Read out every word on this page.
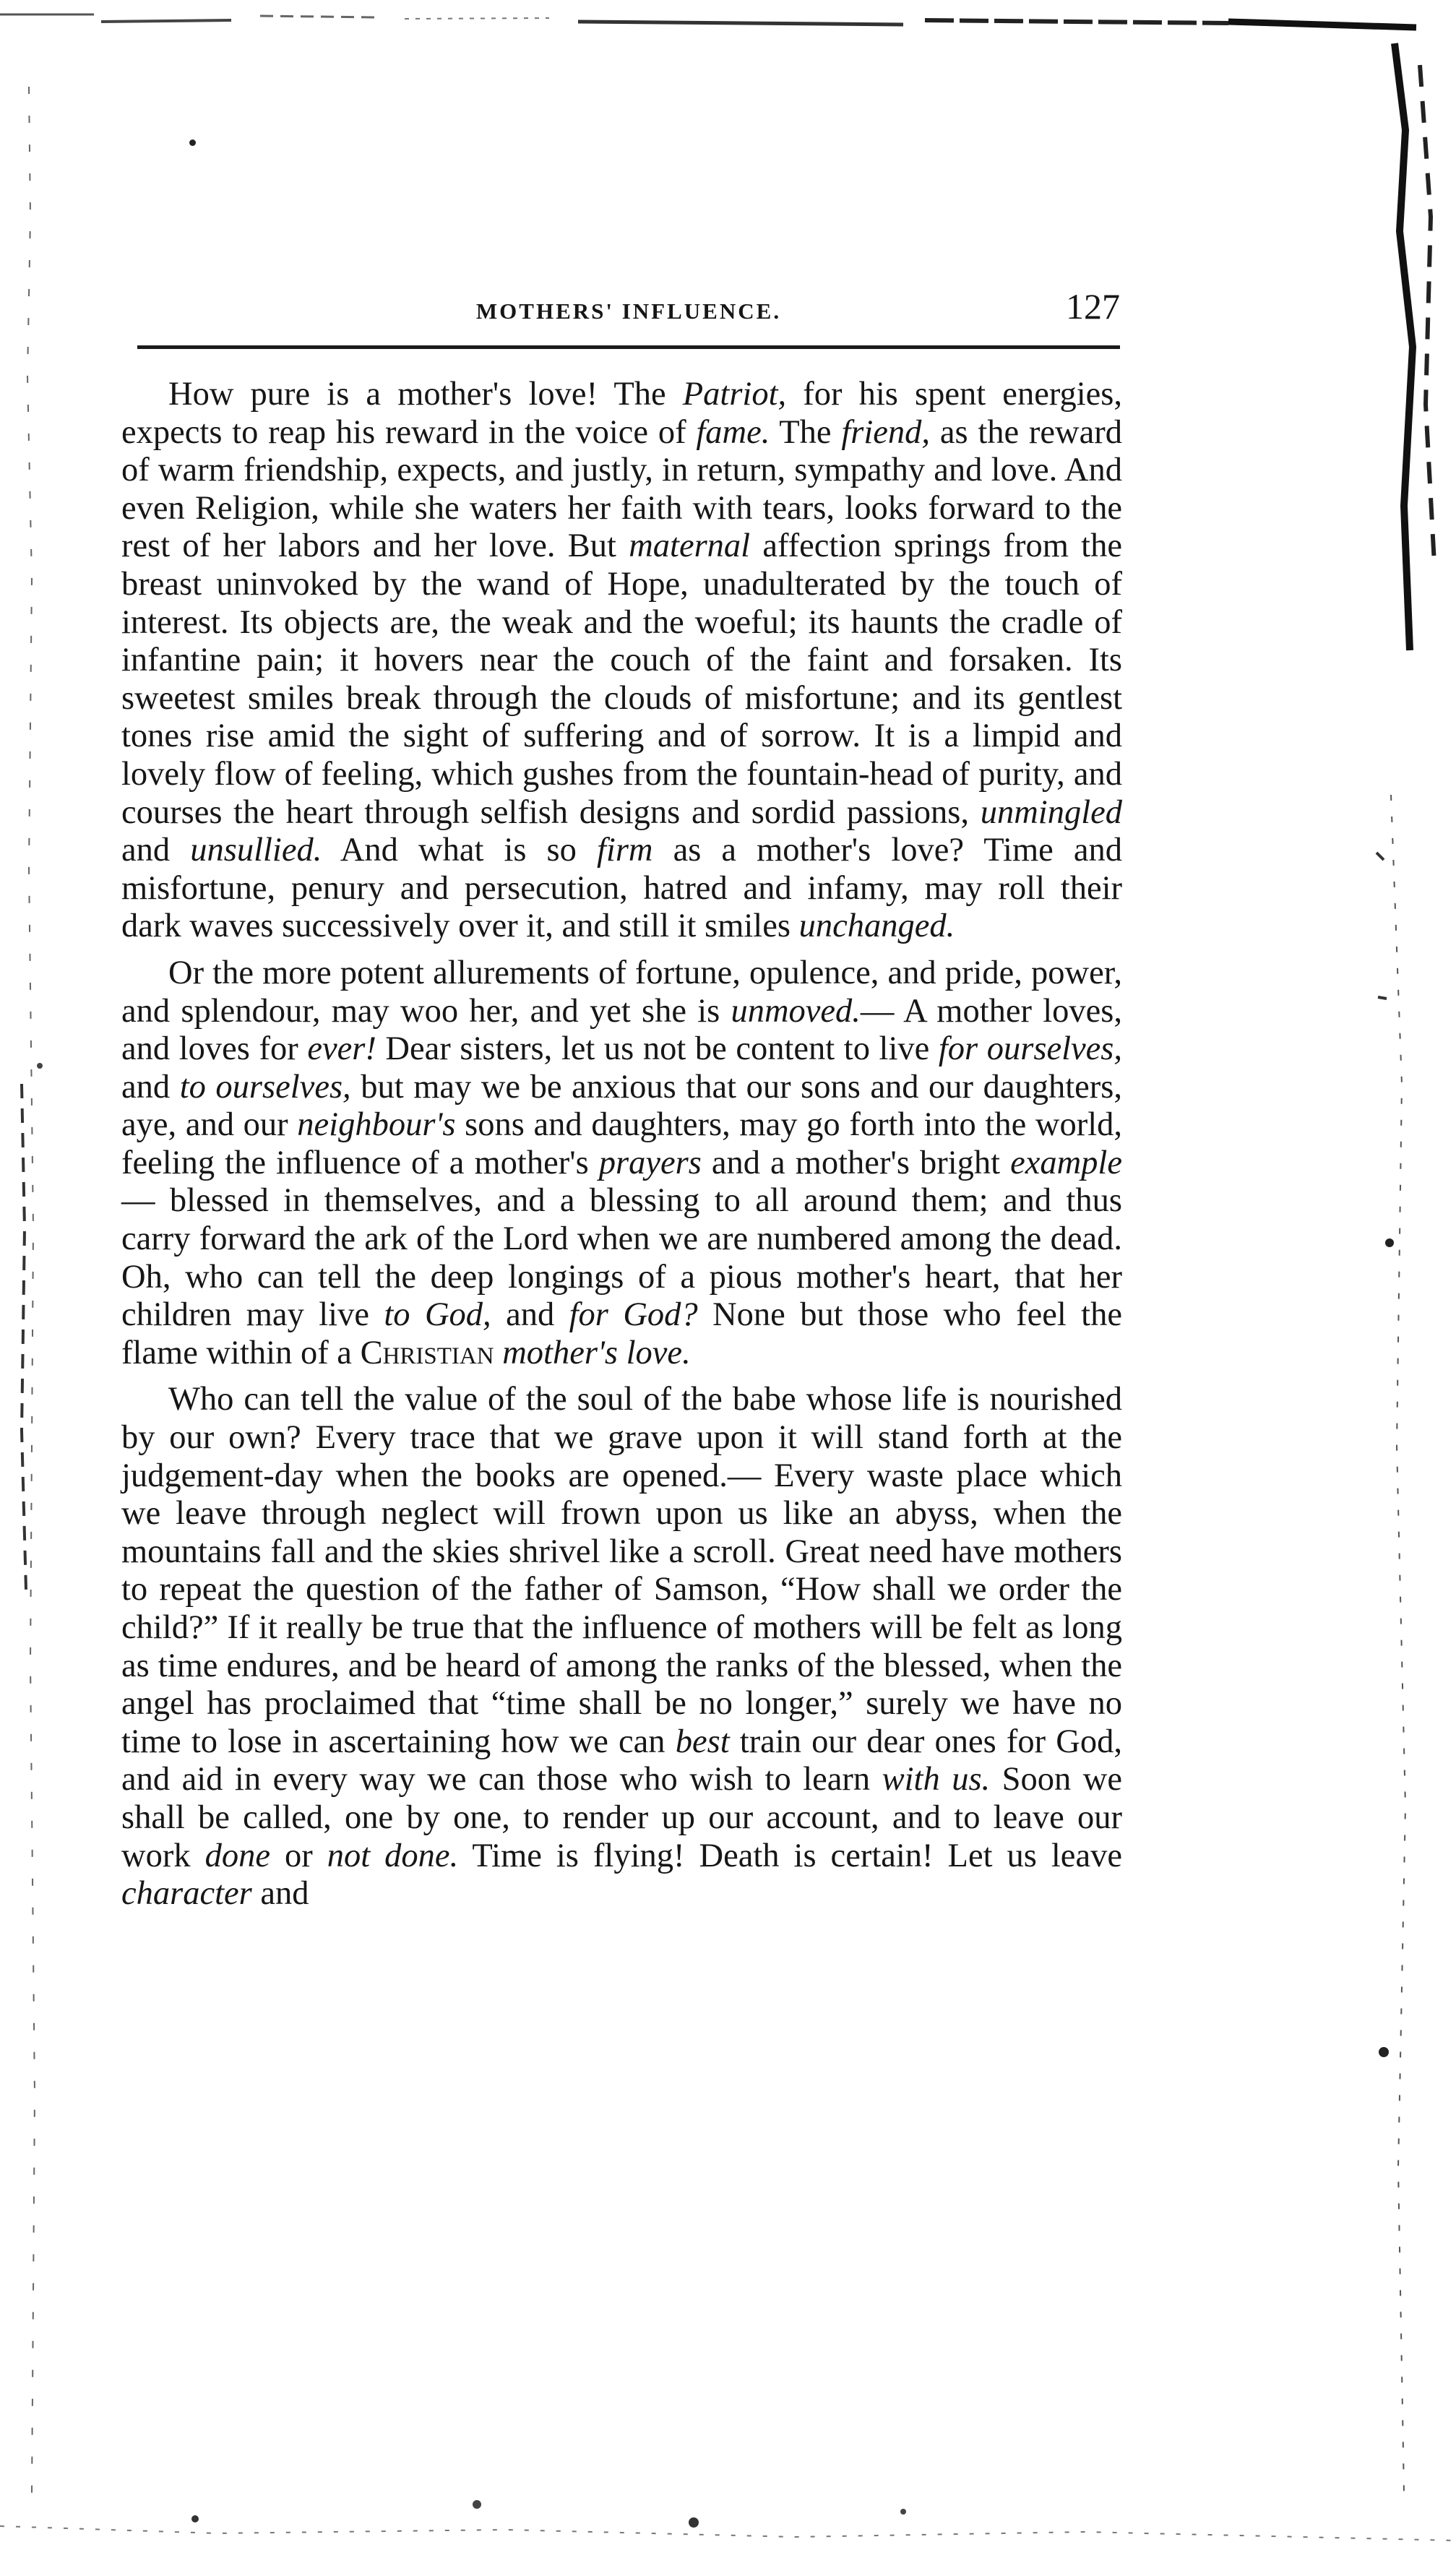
MOTHERS' INFLUENCE.	127

How pure is a mother's love! The Patriot, for his spent energies, expects to reap his reward in the voice of fame. The friend, as the reward of warm friendship, expects, and justly, in return, sympathy and love. And even Religion, while she waters her faith with tears, looks forward to the rest of her labors and her love. But maternal affection springs from the breast uninvoked by the wand of Hope, unadulterated by the touch of interest. Its objects are, the weak and the woeful; its haunts the cradle of infantine pain; it hovers near the couch of the faint and forsaken. Its sweetest smiles break through the clouds of misfortune; and its gentlest tones rise amid the sight of suffering and of sorrow. It is a limpid and lovely flow of feeling, which gushes from the fountain-head of purity, and courses the heart through selfish designs and sordid passions, unmingled and unsullied. And what is so firm as a mother's love? Time and misfortune, penury and persecution, hatred and infamy, may roll their dark waves successively over it, and still it smiles unchanged.

Or the more potent allurements of fortune, opulence, and pride, power, and splendour, may woo her, and yet she is unmoved.— A mother loves, and loves for ever! Dear sisters, let us not be content to live for ourselves, and to ourselves, but may we be anxious that our sons and our daughters, aye, and our neighbour's sons and daughters, may go forth into the world, feeling the influence of a mother's prayers and a mother's bright example— blessed in themselves, and a blessing to all around them; and thus carry forward the ark of the Lord when we are numbered among the dead. Oh, who can tell the deep longings of a pious mother's heart, that her children may live to God, and for God? None but those who feel the flame within of a Christian mother's love.

Who can tell the value of the soul of the babe whose life is nourished by our own? Every trace that we grave upon it will stand forth at the judgement-day when the books are opened.— Every waste place which we leave through neglect will frown upon us like an abyss, when the mountains fall and the skies shrivel like a scroll. Great need have mothers to repeat the question of the father of Samson, “How shall we order the child?” If it really be true that the influence of mothers will be felt as long as time endures, and be heard of among the ranks of the blessed, when the angel has proclaimed that “time shall be no longer,” surely we have no time to lose in ascertaining how we can best train our dear ones for God, and aid in every way we can those who wish to learn with us. Soon we shall be called, one by one, to render up our account, and to leave our work done or not done. Time is flying! Death is certain! Let us leave character and
